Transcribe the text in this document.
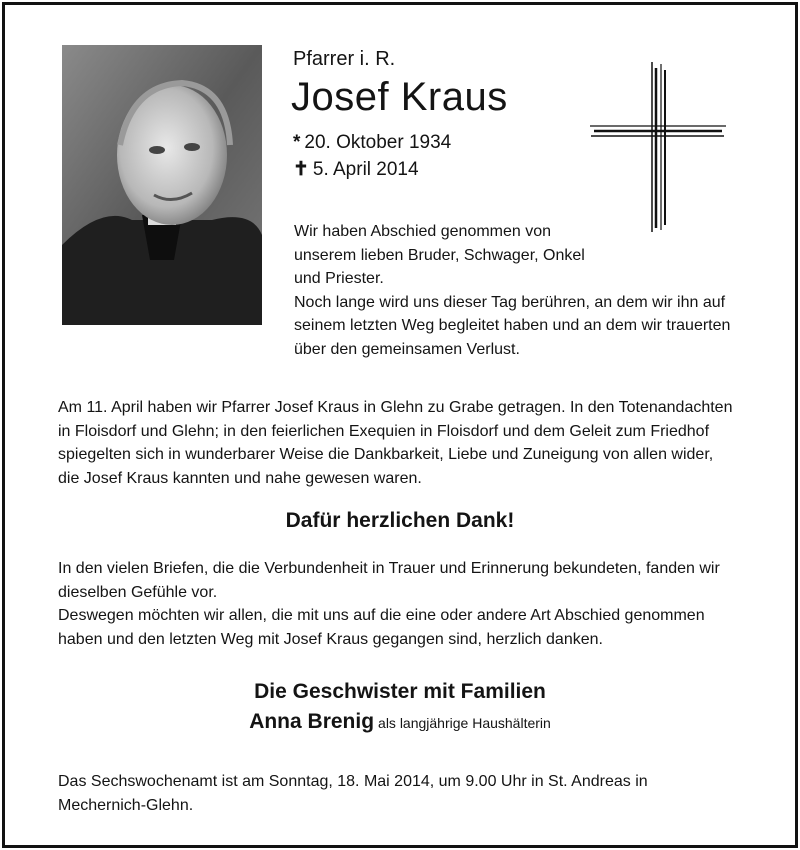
Pfarrer i. R.
Josef Kraus
* 20. Oktober 1934
✝ 5. April 2014
Wir haben Abschied genommen von
unserem lieben Bruder, Schwager, Onkel
und Priester.
Noch lange wird uns dieser Tag berühren, an dem wir ihn auf
seinem letzten Weg begleitet haben und an dem wir trauerten
über den gemeinsamen Verlust.
Am 11. April haben wir Pfarrer Josef Kraus in Glehn zu Grabe getragen. In den Totenandachten
in Floisdorf und Glehn; in den feierlichen Exequien in Floisdorf und dem Geleit zum Friedhof
spiegelten sich in wunderbarer Weise die Dankbarkeit, Liebe und Zuneigung von allen wider,
die Josef Kraus kannten und nahe gewesen waren.
Dafür herzlichen Dank!
In den vielen Briefen, die die Verbundenheit in Trauer und Erinnerung bekundeten, fanden wir
dieselben Gefühle vor.
Deswegen möchten wir allen, die mit uns auf die eine oder andere Art Abschied genommen
haben und den letzten Weg mit Josef Kraus gegangen sind, herzlich danken.
Die Geschwister mit Familien
Anna Brenig als langjährige Haushälterin
Das Sechswochenamt ist am Sonntag, 18. Mai 2014, um 9.00 Uhr in St. Andreas in
Mechernich-Glehn.
